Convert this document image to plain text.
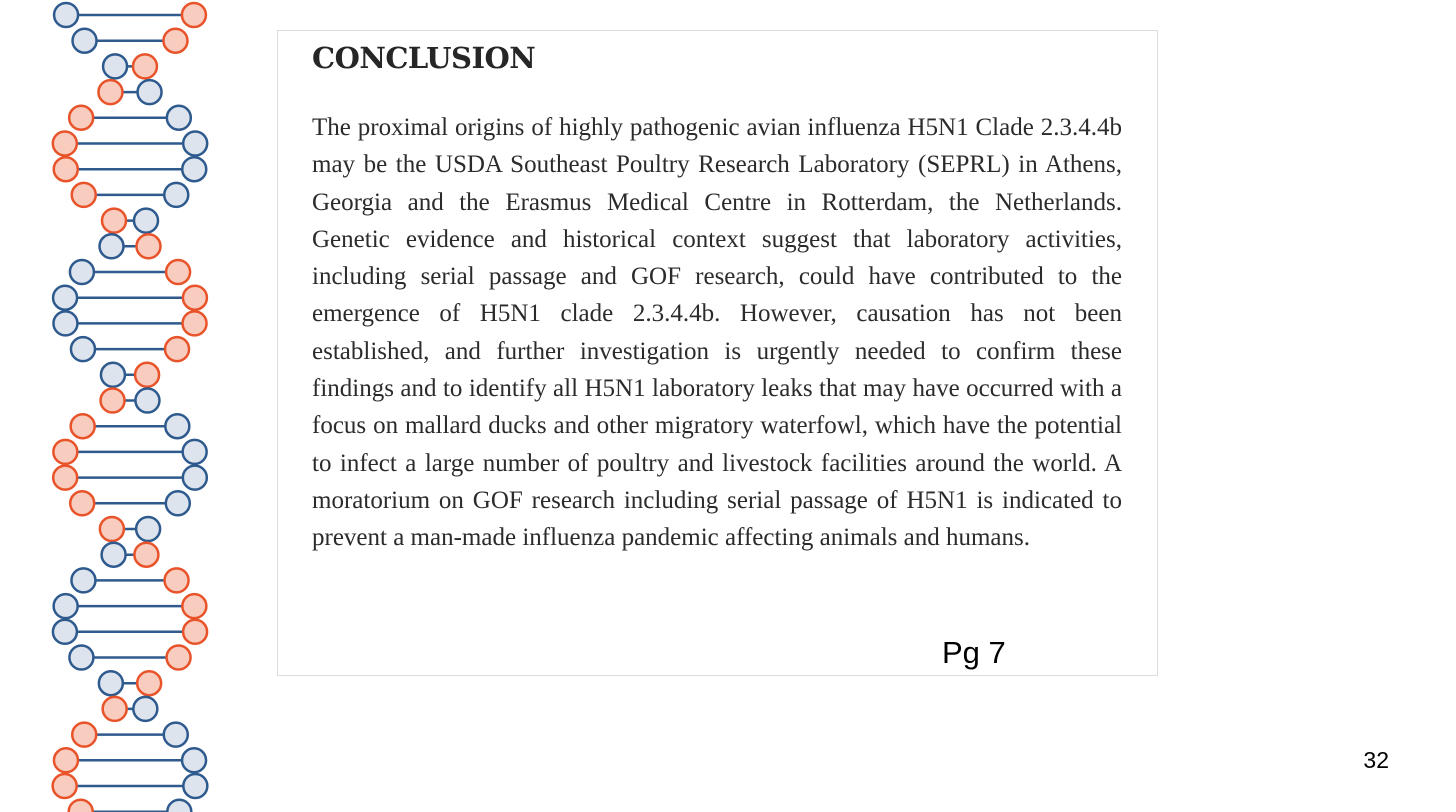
CONCLUSION

The proximal origins of highly pathogenic avian influenza H5N1 Clade 2.3.4.4b may be the USDA Southeast Poultry Research Laboratory (SEPRL) in Athens, Georgia and the Erasmus Medical Centre in Rotterdam, the Netherlands. Genetic evidence and historical context suggest that laboratory activities, including serial passage and GOF research, could have contributed to the emergence of H5N1 clade 2.3.4.4b. However, causation has not been established, and further investigation is urgently needed to confirm these findings and to identify all H5N1 laboratory leaks that may have occurred with a focus on mallard ducks and other migratory waterfowl, which have the potential to infect a large number of poultry and livestock facilities around the world. A moratorium on GOF research including serial passage of H5N1 is indicated to prevent a man-made influenza pandemic affecting animals and humans.

Pg 7
32
